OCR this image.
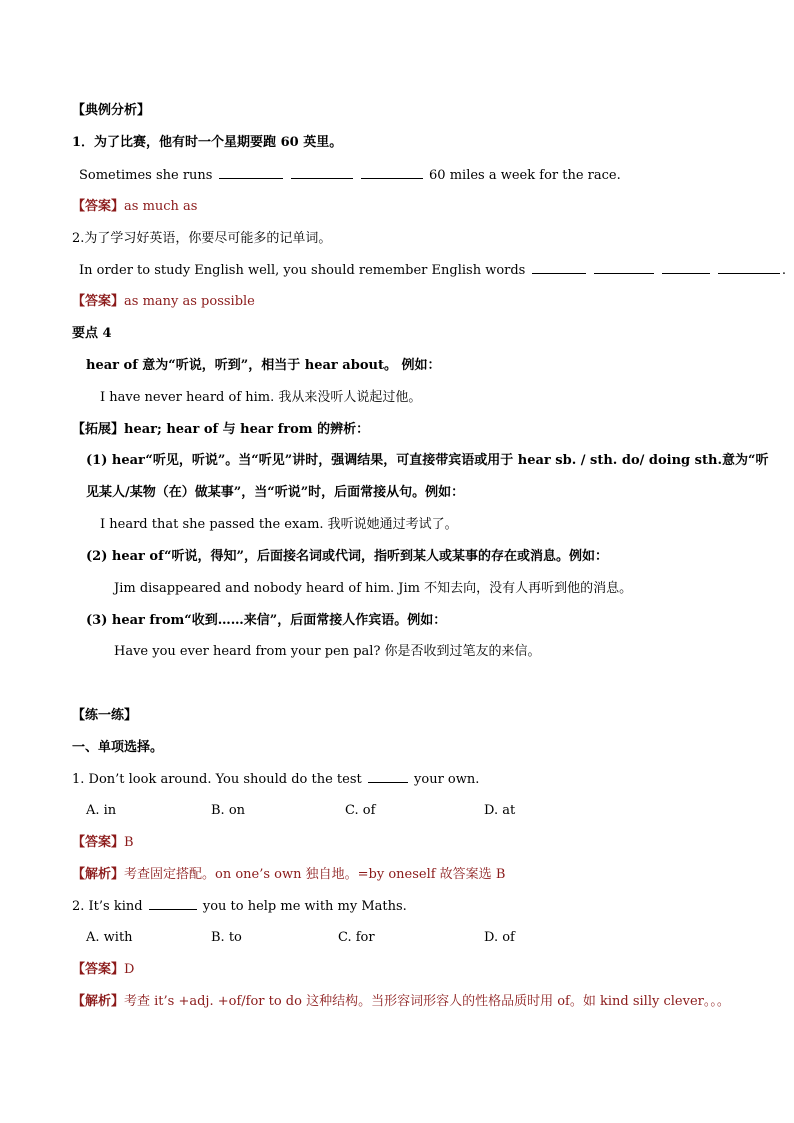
【典例分析】
1．为了比赛，他有时一个星期要跑 60 英里。
Sometimes she runs	60 miles a week for the race.
【答案】as much as
2.为了学习好英语，你要尽可能多的记单词。
In order to study English well, you should remember English words	.
【答案】as many as possible
要点 4
hear of 意为“听说，听到”，相当于 hear about。 例如：
I have never heard of him. 我从来没听人说起过他。
【拓展】hear; hear of 与 hear from 的辨析：
(1) hear“听见，听说”。当“听见”讲时，强调结果，可直接带宾语或用于 hear sb. / sth. do/ doing sth.意为“听
见某人/某物（在）做某事”，当“听说”时，后面常接从句。例如：
I heard that she passed the exam. 我听说她通过考试了。
(2) hear of“听说，得知”，后面接名词或代词，指听到某人或某事的存在或消息。例如：
Jim disappeared and nobody heard of him. Jim 不知去向，没有人再听到他的消息。
(3) hear from“收到……来信”，后面常接人作宾语。例如：
Have you ever heard from your pen pal? 你是否收到过笔友的来信。
【练一练】
一、单项选择。
1. Don’t look around. You should do the test	your own.
A. in	B. on	C. of	D. at
【答案】B
【解析】考查固定搭配。on one’s own 独自地。=by oneself 故答案选 B
2. It’s kind	you to help me with my Maths.
A. with	B. to	C. for	D. of
【答案】D
【解析】考查 it’s +adj. +of/for to do 这种结构。当形容词形容人的性格品质时用 of。如 kind silly clever。。。
